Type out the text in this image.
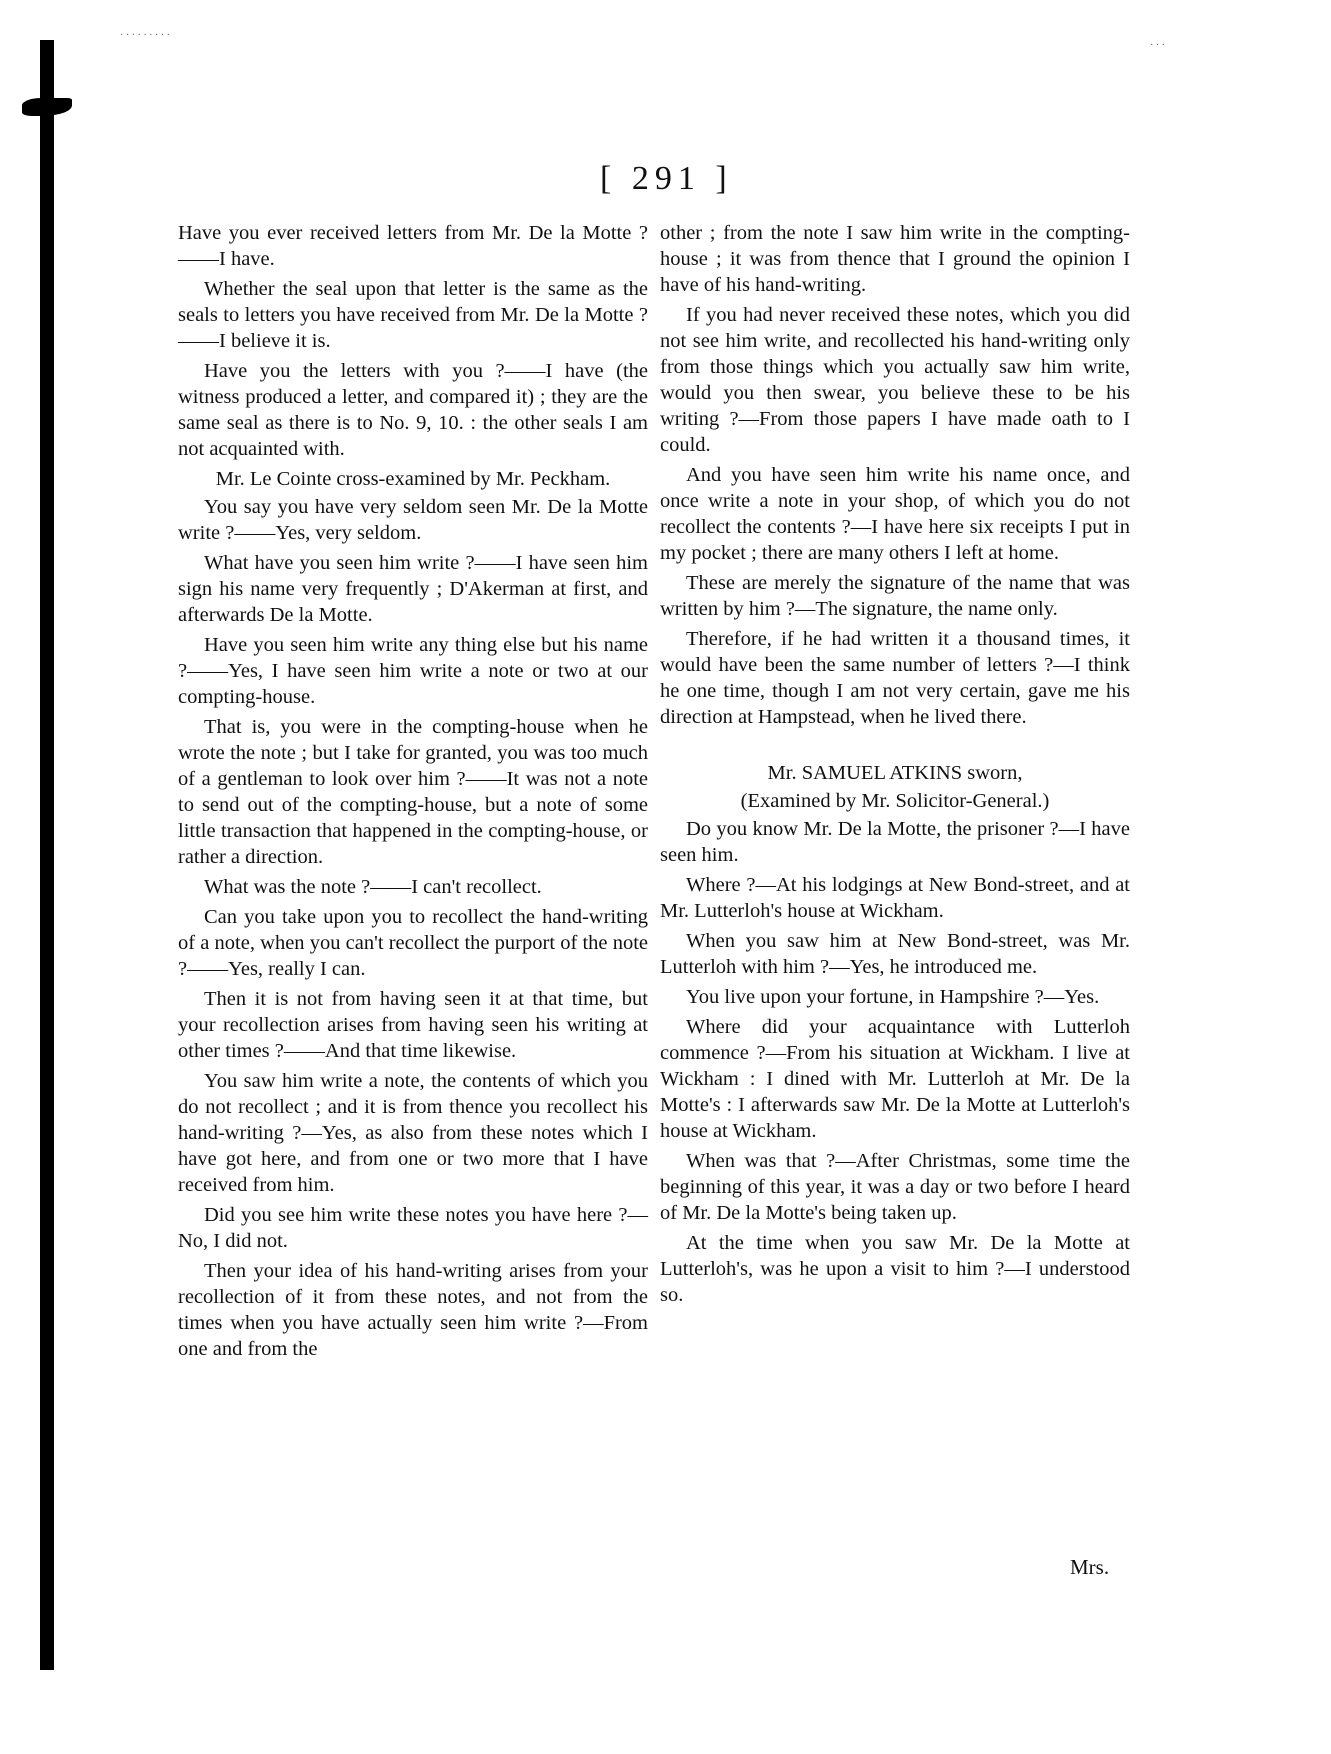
· · ·
· · · · · · · · ·
[ 291 ]

Have you ever received letters from Mr. De la Motte ?——I have.

Whether the seal upon that letter is the same as the seals to letters you have received from Mr. De la Motte ?——I believe it is.

Have you the letters with you ?——I have (the witness produced a letter, and compared it) ; they are the same seal as there is to No. 9, 10. : the other seals I am not acquainted with.

Mr. Le Cointe cross-examined by Mr. Peckham.

You say you have very seldom seen Mr. De la Motte write ?——Yes, very seldom.

What have you seen him write ?——I have seen him sign his name very frequently ; D'Akerman at first, and afterwards De la Motte.

Have you seen him write any thing else but his name ?——Yes, I have seen him write a note or two at our compting-house.

That is, you were in the compting-house when he wrote the note ; but I take for granted, you was too much of a gentleman to look over him ?——It was not a note to send out of the compting-house, but a note of some little transaction that happened in the compting-house, or rather a direction.

What was the note ?——I can't recollect.

Can you take upon you to recollect the hand-writing of a note, when you can't recollect the purport of the note ?——Yes, really I can.

Then it is not from having seen it at that time, but your recollection arises from having seen his writing at other times ?——And that time likewise.

You saw him write a note, the contents of which you do not recollect ; and it is from thence you recollect his hand-writing ?—Yes, as also from these notes which I have got here, and from one or two more that I have received from him.

Did you see him write these notes you have here ?—No, I did not.

Then your idea of his hand-writing arises from your recollection of it from these notes, and not from the times when you have actually seen him write ?—From one and from the

other ; from the note I saw him write in the compting-house ; it was from thence that I ground the opinion I have of his hand-writing.

If you had never received these notes, which you did not see him write, and recollected his hand-writing only from those things which you actually saw him write, would you then swear, you believe these to be his writing ?—From those papers I have made oath to I could.

And you have seen him write his name once, and once write a note in your shop, of which you do not recollect the contents ?—I have here six receipts I put in my pocket ; there are many others I left at home.

These are merely the signature of the name that was written by him ?—The signature, the name only.

Therefore, if he had written it a thousand times, it would have been the same number of letters ?—I think he one time, though I am not very certain, gave me his direction at Hampstead, when he lived there.

Mr. SAMUEL ATKINS sworn,

(Examined by Mr. Solicitor-General.)

Do you know Mr. De la Motte, the prisoner ?—I have seen him.

Where ?—At his lodgings at New Bond-street, and at Mr. Lutterloh's house at Wickham.

When you saw him at New Bond-street, was Mr. Lutterloh with him ?—Yes, he introduced me.

You live upon your fortune, in Hampshire ?—Yes.

Where did your acquaintance with Lutterloh commence ?—From his situation at Wickham. I live at Wickham : I dined with Mr. Lutterloh at Mr. De la Motte's : I afterwards saw Mr. De la Motte at Lutterloh's house at Wickham.

When was that ?—After Christmas, some time the beginning of this year, it was a day or two before I heard of Mr. De la Motte's being taken up.

At the time when you saw Mr. De la Motte at Lutterloh's, was he upon a visit to him ?—I understood so.

Mrs.
